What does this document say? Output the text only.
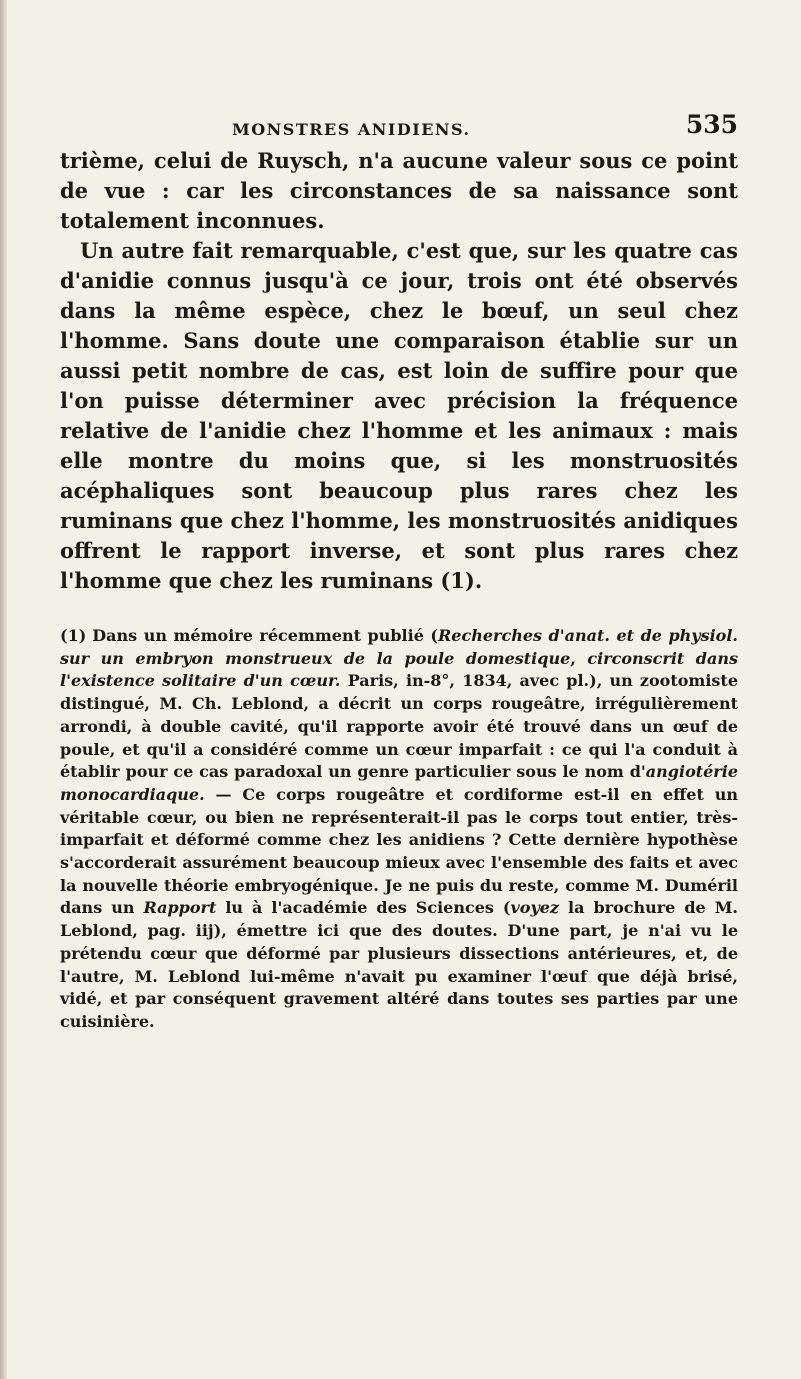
MONSTRES ANIDIENS.	535

trième, celui de Ruysch, n'a aucune valeur sous ce point de vue : car les circonstances de sa naissance sont totalement inconnues.

Un autre fait remarquable, c'est que, sur les quatre cas d'anidie connus jusqu'à ce jour, trois ont été observés dans la même espèce, chez le bœuf, un seul chez l'homme. Sans doute une comparaison établie sur un aussi petit nombre de cas, est loin de suffire pour que l'on puisse déterminer avec précision la fréquence relative de l'anidie chez l'homme et les animaux : mais elle montre du moins que, si les monstruosités acéphaliques sont beaucoup plus rares chez les ruminans que chez l'homme, les monstruosités anidiques offrent le rapport inverse, et sont plus rares chez l'homme que chez les ruminans (1).

(1) Dans un mémoire récemment publié (Recherches d'anat. et de physiol. sur un embryon monstrueux de la poule domestique, circonscrit dans l'existence solitaire d'un cœur. Paris, in-8°, 1834, avec pl.), un zootomiste distingué, M. Ch. Leblond, a décrit un corps rougeâtre, irrégulièrement arrondi, à double cavité, qu'il rapporte avoir été trouvé dans un œuf de poule, et qu'il a considéré comme un cœur imparfait : ce qui l'a conduit à établir pour ce cas paradoxal un genre particulier sous le nom d'angiotérie monocardiaque. — Ce corps rougeâtre et cordiforme est-il en effet un véritable cœur, ou bien ne représenterait-il pas le corps tout entier, très-imparfait et déformé comme chez les anidiens ? Cette dernière hypothèse s'accorderait assurément beaucoup mieux avec l'ensemble des faits et avec la nouvelle théorie embryogénique. Je ne puis du reste, comme M. Duméril dans un Rapport lu à l'académie des Sciences (voyez la brochure de M. Leblond, pag. iij), émettre ici que des doutes. D'une part, je n'ai vu le prétendu cœur que déformé par plusieurs dissections antérieures, et, de l'autre, M. Leblond lui-même n'avait pu examiner l'œuf que déjà brisé, vidé, et par conséquent gravement altéré dans toutes ses parties par une cuisinière.
